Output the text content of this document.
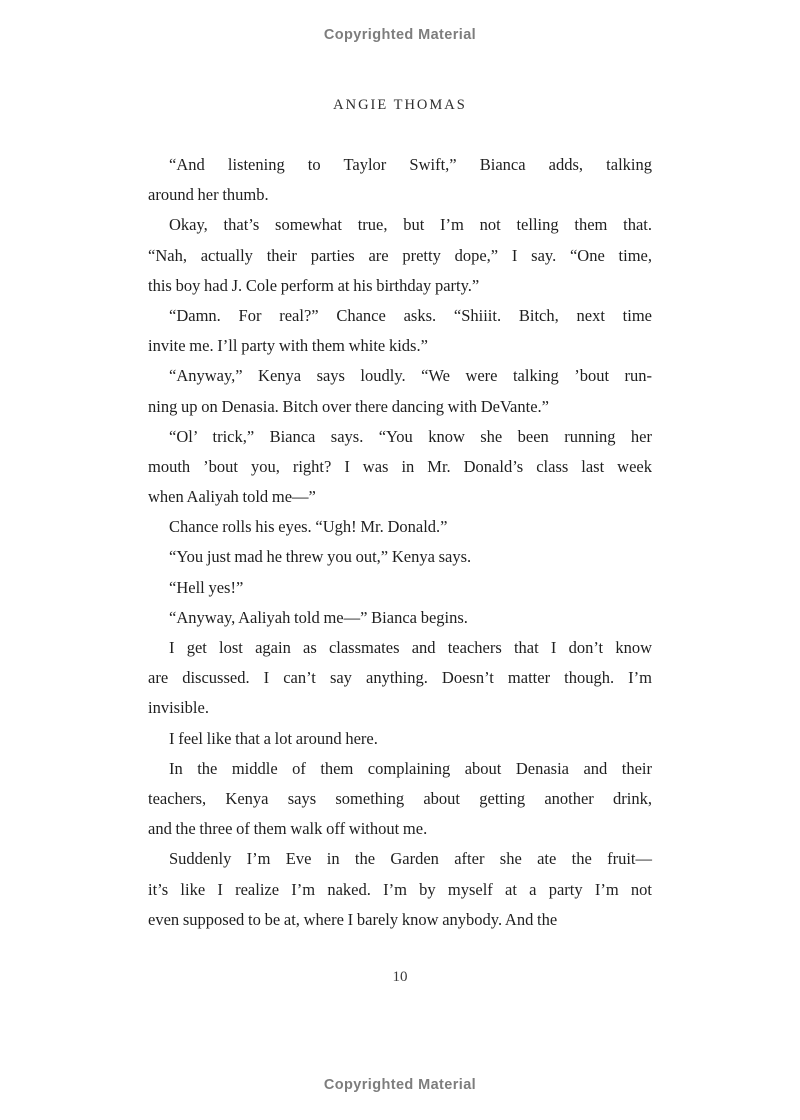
Copyrighted Material
ANGIE THOMAS
“And listening to Taylor Swift,” Bianca adds, talking
around her thumb.
Okay, that’s somewhat true, but I’m not telling them that.
“Nah, actually their parties are pretty dope,” I say. “One time,
this boy had J. Cole perform at his birthday party.”
“Damn. For real?” Chance asks. “Shiiit. Bitch, next time
invite me. I’ll party with them white kids.”
“Anyway,” Kenya says loudly. “We were talking ’bout run-
ning up on Denasia. Bitch over there dancing with DeVante.”
“Ol’ trick,” Bianca says. “You know she been running her
mouth ’bout you, right? I was in Mr. Donald’s class last week
when Aaliyah told me—”
Chance rolls his eyes. “Ugh! Mr. Donald.”
“You just mad he threw you out,” Kenya says.
“Hell yes!”
“Anyway, Aaliyah told me—” Bianca begins.
I get lost again as classmates and teachers that I don’t know
are discussed. I can’t say anything. Doesn’t matter though. I’m
invisible.
I feel like that a lot around here.
In the middle of them complaining about Denasia and their
teachers, Kenya says something about getting another drink,
and the three of them walk off without me.
Suddenly I’m Eve in the Garden after she ate the fruit—
it’s like I realize I’m naked. I’m by myself at a party I’m not
even supposed to be at, where I barely know anybody. And the
10
Copyrighted Material
